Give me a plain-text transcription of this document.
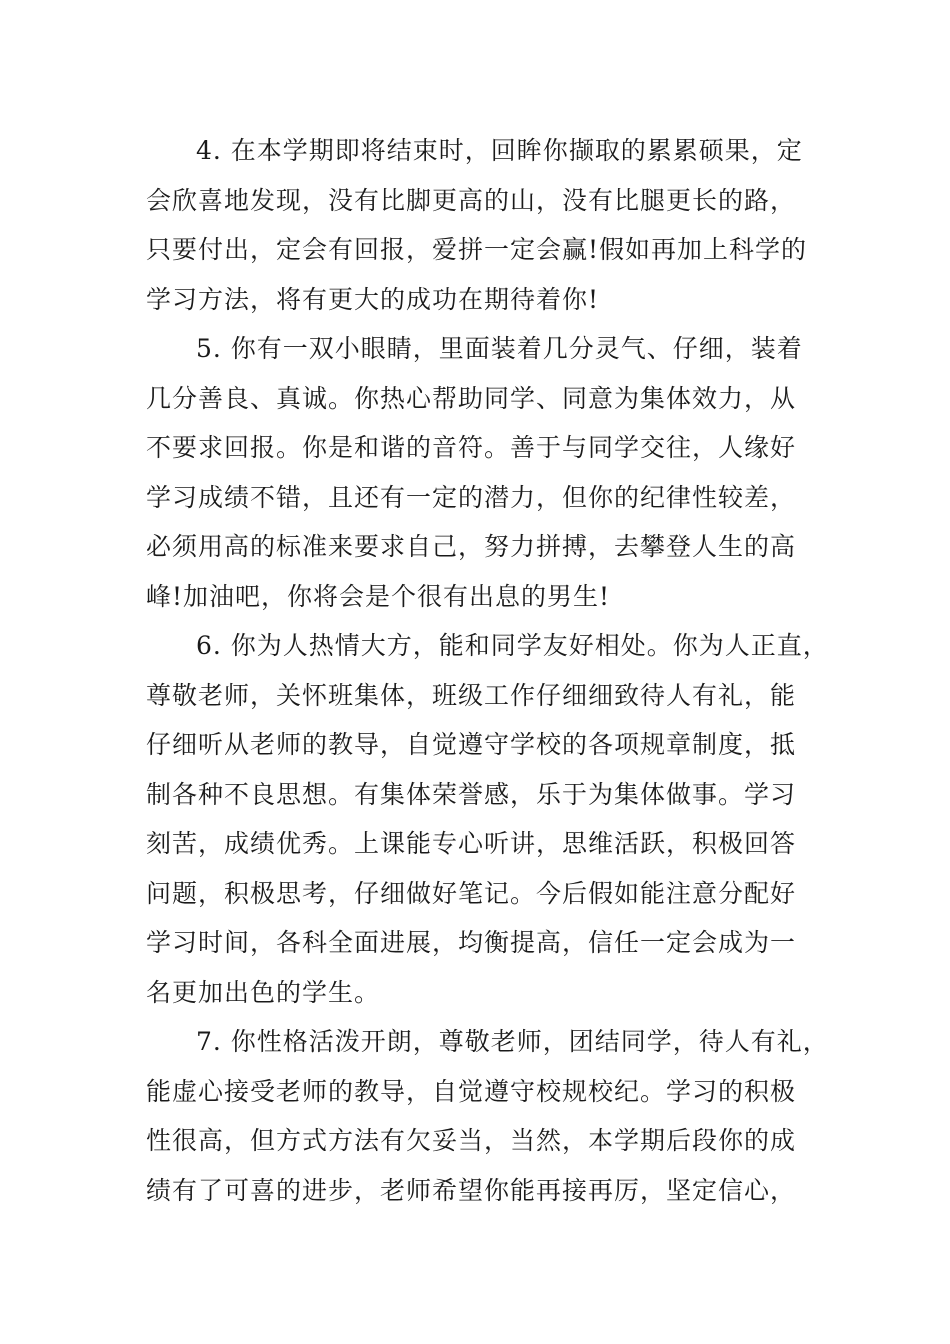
4. 在本学期即将结束时，回眸你撷取的累累硕果，定
会欣喜地发现，没有比脚更高的山，没有比腿更长的路，
只要付出，定会有回报，爱拼一定会赢!假如再加上科学的
学习方法，将有更大的成功在期待着你!

5. 你有一双小眼睛，里面装着几分灵气、仔细，装着
几分善良、真诚。你热心帮助同学、同意为集体效力，从
不要求回报。你是和谐的音符。善于与同学交往，人缘好
学习成绩不错，且还有一定的潜力，但你的纪律性较差，
必须用高的标准来要求自己，努力拼搏，去攀登人生的高
峰!加油吧，你将会是个很有出息的男生!

6. 你为人热情大方，能和同学友好相处。你为人正直，
尊敬老师，关怀班集体，班级工作仔细细致待人有礼，能
仔细听从老师的教导，自觉遵守学校的各项规章制度，抵
制各种不良思想。有集体荣誉感，乐于为集体做事。学习
刻苦，成绩优秀。上课能专心听讲，思维活跃，积极回答
问题，积极思考，仔细做好笔记。今后假如能注意分配好
学习时间，各科全面进展，均衡提高，信任一定会成为一
名更加出色的学生。

7. 你性格活泼开朗，尊敬老师，团结同学，待人有礼，
能虚心接受老师的教导，自觉遵守校规校纪。学习的积极
性很高，但方式方法有欠妥当，当然，本学期后段你的成
绩有了可喜的进步，老师希望你能再接再厉，坚定信心，
